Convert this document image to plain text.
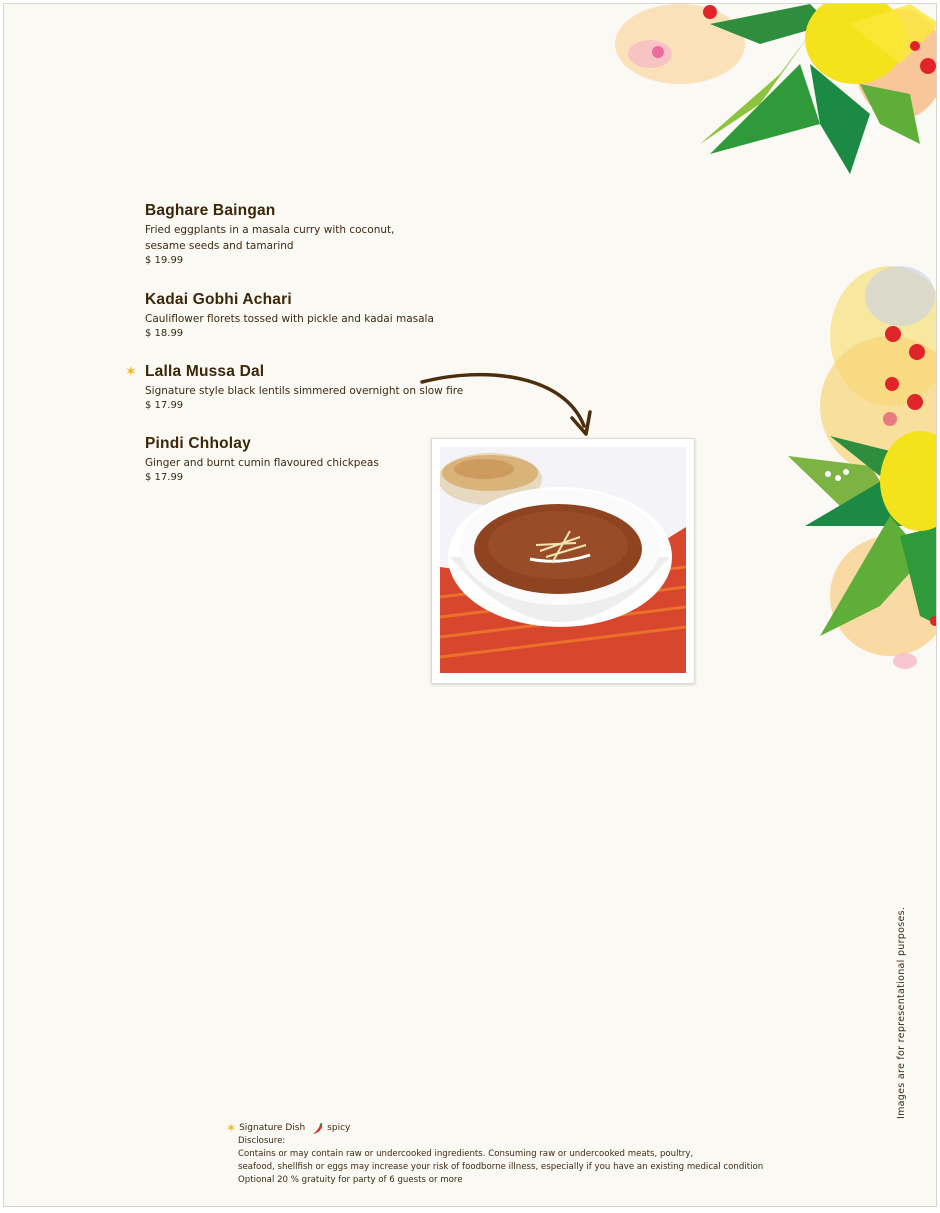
Baghare Baingan

Fried eggplants in a masala curry with coconut,
sesame seeds and tamarind

$ 19.99
Kadai Gobhi Achari

Cauliflower florets tossed with pickle and kadai masala

$ 18.99
✶ Lalla Mussa Dal

Signature style black lentils simmered overnight on slow fire

$ 17.99
Pindi Chholay

Ginger and burnt cumin flavoured chickpeas

$ 17.99
Images are for representational purposes.
✶ Signature Dish spicy
Disclosure:
Contains or may contain raw or undercooked ingredients. Consuming raw or undercooked meats, poultry,
seafood, shellfish or eggs may increase your risk of foodborne illness, especially if you have an existing medical condition
Optional 20 % gratuity for party of 6 guests or more
